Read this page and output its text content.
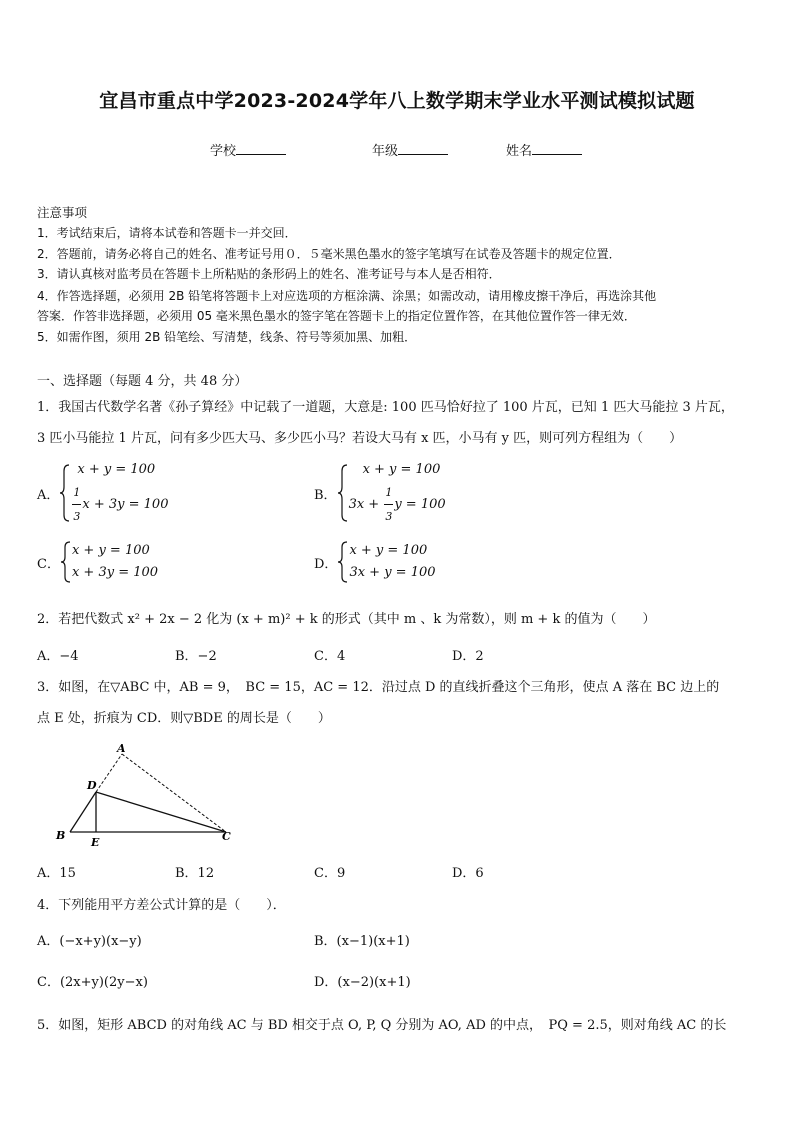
宜昌市重点中学2023-2024学年八上数学期末学业水平测试模拟试题
学校	年级	姓名
注意事项
1．考试结束后，请将本试卷和答题卡一并交回．
2．答题前，请务必将自己的姓名、准考证号用０．５毫米黑色墨水的签字笔填写在试卷及答题卡的规定位置．
3．请认真核对监考员在答题卡上所粘贴的条形码上的姓名、准考证号与本人是否相符．
4．作答选择题，必须用 2B 铅笔将答题卡上对应选项的方框涂满、涂黑；如需改动，请用橡皮擦干净后，再选涂其他
答案．作答非选择题，必须用 05 毫米黑色墨水的签字笔在答题卡上的指定位置作答，在其他位置作答一律无效．
5．如需作图，须用 2B 铅笔绘、写清楚，线条、符号等须加黑、加粗．
一、选择题（每题 4 分，共 48 分）
1．我国古代数学名著《孙子算经》中记载了一道题，大意是: 100 匹马恰好拉了 100 片瓦，已知 1 匹大马能拉 3 片瓦，
3 匹小马能拉 1 片瓦，问有多少匹大马、多少匹小马？若设大马有 x 匹，小马有 y 匹，则可列方程组为（　　）
A．
x + y = 100
$\frac{1}{3}$ x + 3y = 100
B．
x + y = 100
$3x + \frac{1}{3}$ y = 100
C．
x + y = 100
x + 3y = 100
D．
x + y = 100
3x + y = 100
2．若把代数式 x² + 2x − 2 化为 (x + m)² + k 的形式（其中 m 、k 为常数），则 m + k 的值为（　　）
A．−4	B．−2	C．4	D．2
3．如图，在▽ABC 中，AB = 9，　BC = 15，AC = 12．沿过点 D 的直线折叠这个三角形，使点 A 落在 BC 边上的
点 E 处，折痕为 CD．则▽BDE 的周长是（　　）
A
D
B
E	C
A．15	B．12	C．9	D．6
4．下列能用平方差公式计算的是（　　）．
A．(−x+y)(x−y)	B．(x−1)(x+1)
C．(2x+y)(2y−x)	D．(x−2)(x+1)
5．如图，矩形 ABCD 的对角线 AC 与 BD 相交于点 O, P, Q 分别为 AO, AD 的中点，　PQ = 2.5，则对角线 AC 的长
